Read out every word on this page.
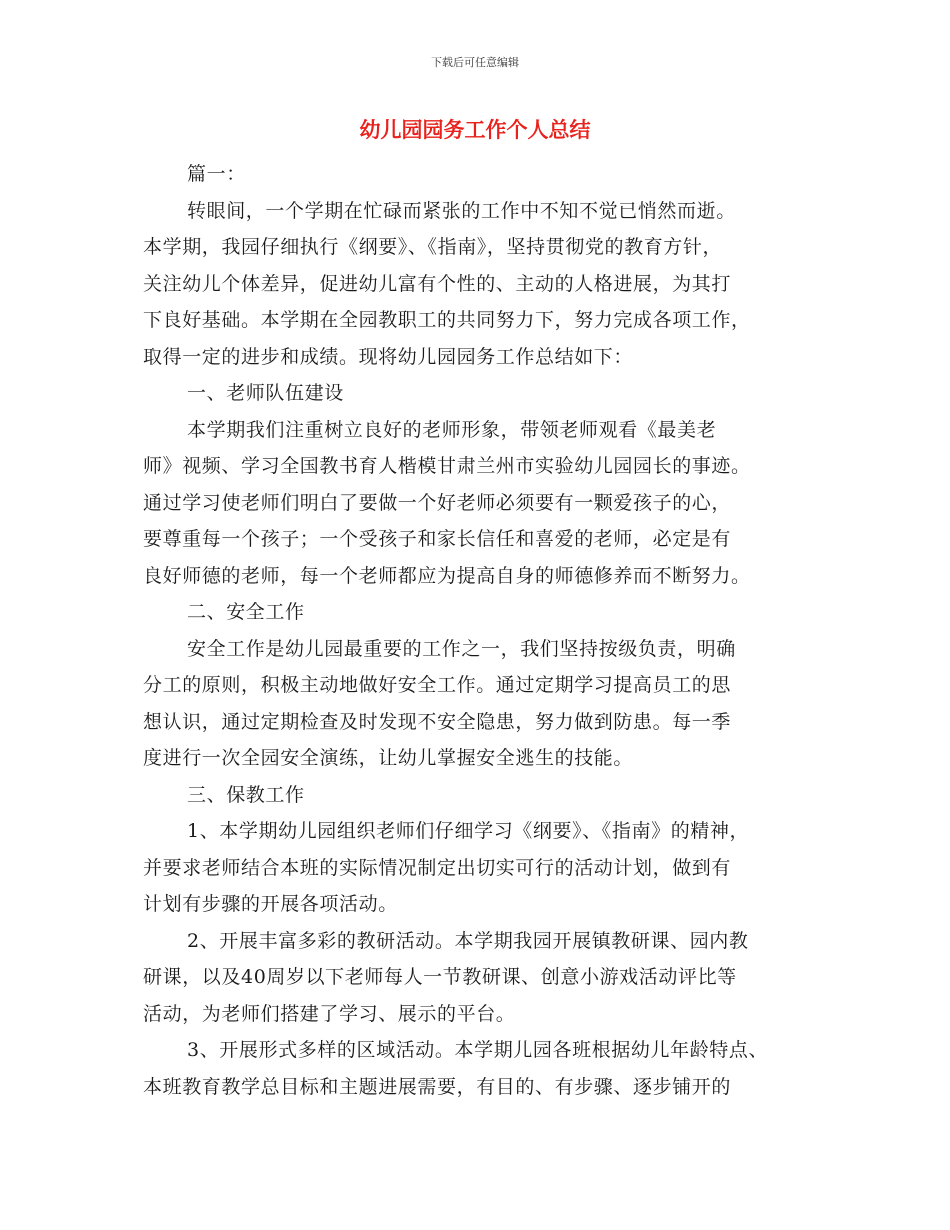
下载后可任意编辑
幼儿园园务工作个人总结
篇一：
转眼间，一个学期在忙碌而紧张的工作中不知不觉已悄然而逝。
本学期，我园仔细执行《纲要》、《指南》，坚持贯彻党的教育方针，
关注幼儿个体差异，促进幼儿富有个性的、主动的人格进展，为其打
下良好基础。本学期在全园教职工的共同努力下，努力完成各项工作，
取得一定的进步和成绩。现将幼儿园园务工作总结如下：
一、老师队伍建设
本学期我们注重树立良好的老师形象，带领老师观看《最美老
师》视频、学习全国教书育人楷模甘肃兰州市实验幼儿园园长的事迹。
通过学习使老师们明白了要做一个好老师必须要有一颗爱孩子的心，
要尊重每一个孩子；一个受孩子和家长信任和喜爱的老师，必定是有
良好师德的老师，每一个老师都应为提高自身的师德修养而不断努力。
二、安全工作
安全工作是幼儿园最重要的工作之一，我们坚持按级负责，明确
分工的原则，积极主动地做好安全工作。通过定期学习提高员工的思
想认识，通过定期检查及时发现不安全隐患，努力做到防患。每一季
度进行一次全园安全演练，让幼儿掌握安全逃生的技能。
三、保教工作
1、本学期幼儿园组织老师们仔细学习《纲要》、《指南》的精神，
并要求老师结合本班的实际情况制定出切实可行的活动计划，做到有
计划有步骤的开展各项活动。
2、开展丰富多彩的教研活动。本学期我园开展镇教研课、园内教
研课，以及40周岁以下老师每人一节教研课、创意小游戏活动评比等
活动，为老师们搭建了学习、展示的平台。
3、开展形式多样的区域活动。本学期儿园各班根据幼儿年龄特点、
本班教育教学总目标和主题进展需要，有目的、有步骤、逐步铺开的
